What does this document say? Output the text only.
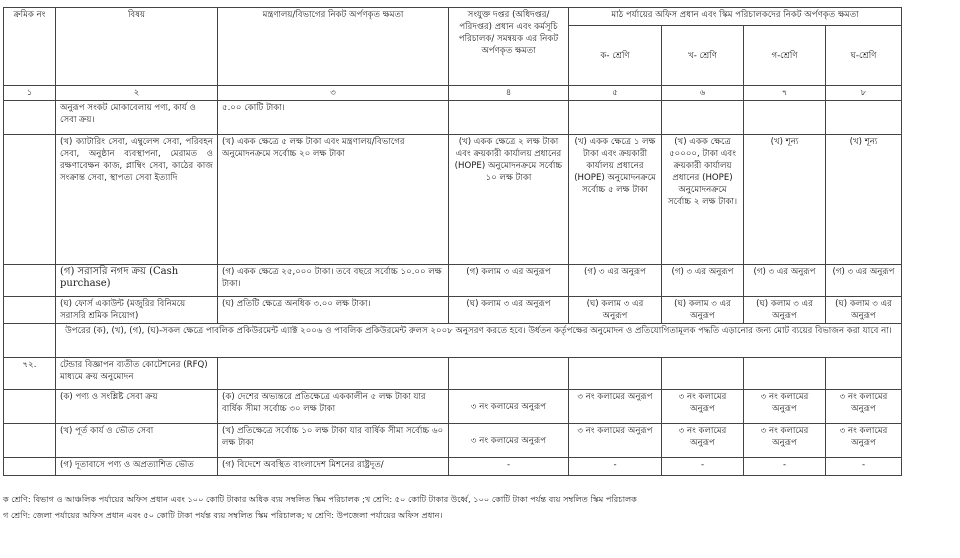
ক্রমিক নং	বিষয়	মন্ত্রণালয়/বিভাগের নিকট অর্পণকৃত ক্ষমতা	সংযুক্ত দপ্তর (অধিদপ্তর/পরিদপ্তর) প্রধান এবং কর্মসূচি পরিচালক/ সমন্বয়ক এর নিকট অর্পণকৃত ক্ষমতা	মাঠ পর্যায়ের অফিস প্রধান এবং স্কিম পরিচালকদের নিকট অর্পণকৃত ক্ষমতা			
				ক- শ্রেণি	খ- শ্রেণি	গ-শ্রেণি	ঘ-শ্রেণি
১	২	৩	৪	৫	৬	৭	৮
	অনুরূপ সংকট মোকাবেলায় পণ্য, কার্য ও সেবা ক্রয়।	৫.০০ কোটি টাকা।					
	(খ) ক্যাটারিং সেবা, এম্বুলেন্স সেবা, পরিবহন সেবা, অনুষ্ঠান ব্যবস্থাপনা, মেরামত ও রক্ষণাবেক্ষন কাজ, প্লাম্বিং সেবা, কাঠের কাজ সংক্রান্ত সেবা, স্থাপত্য সেবা ইত্যাদি	(খ) একক ক্ষেত্রে ৫ লক্ষ টাকা এবং মন্ত্রণালয়/বিভাগের অনুমোদনক্রমে সর্বোচ্চ ২০ লক্ষ টাকা	(খ) একক ক্ষেত্রে ২ লক্ষ টাকা এবং ক্রয়কারী কার্যালয় প্রধানের (HOPE) অনুমোদনক্রমে সর্বোচ্চ ১০ লক্ষ টাকা	(খ) একক ক্ষেত্রে ১ লক্ষ টাকা এবং ক্রয়কারী কার্যালয় প্রধানের (HOPE) অনুমোদনক্রমে সর্বোচ্চ ৫ লক্ষ টাকা	(খ) একক ক্ষেত্রে ৫০০০০, টাকা এবং ক্রয়কারী কার্যালয় প্রধানের (HOPE) অনুমোদনক্রমে সর্বোচ্চ ২ লক্ষ টাকা।	(খ) শূন্য	(খ) শূন্য
	(গ) সরাসরি নগদ ক্রয় (Cash purchase)	(গ) একক ক্ষেত্রে ২৫,০০০ টাকা। তবে বছরে সর্বোচ্চ ১০.০০ লক্ষ টাকা।	(গ) কলাম ৩ এর অনুরূপ	(গ) ৩ এর অনুরূপ	(গ) ৩ এর অনুরূপ	(গ) ৩ এর অনুরূপ	(গ) ৩ এর অনুরূপ
	(ঘ) ফোর্স একাউন্ট (মজুরির বিনিময়ে সরাসরি শ্রমিক নিয়োগ)	(ঘ) প্রতিটি ক্ষেত্রে অনধিক ৩.০০ লক্ষ টাকা।	(ঘ) কলাম ৩ এর অনুরূপ	(ঘ) কলাম ৩ এর অনুরূপ	(ঘ) কলাম ৩ এর অনুরূপ	(ঘ) কলাম ৩ এর অনুরূপ	(ঘ) কলাম ৩ এর অনুরূপ
	উপরের (ক), (খ), (গ), (ঘ)-সকল ক্ষেত্রে পাবলিক প্রকিউরমেন্ট এ্যাক্ট ২০০৬ ও পাবলিক প্রকিউরমেন্ট রুলস ২০০৮ অনুসরণ করতে হবে। উর্ধতন কর্তৃপক্ষের অনুমোদন ও প্রতিযোগিতামূলক পদ্ধতি এড়ানোর জন্য মোট ব্যয়ের বিভাজন করা যাবে না।						
৭২.	টেন্ডার বিজ্ঞাপন ব্যতীত কোটেশনের (RFQ) মাধ্যমে ক্রয় অনুমোদন						
	(ক) পণ্য ও সংশ্লিষ্ট সেবা ক্রয়	(ক) দেশের অভ্যন্তরে প্রতিক্ষেত্রে এককালীন ৫ লক্ষ টাকা যার বার্ষিক সীমা সর্বোচ্চ ৩০ লক্ষ টাকা	৩ নং কলামের অনুরূপ	৩ নং কলামের অনুরূপ	৩ নং কলামের অনুরূপ	৩ নং কলামের অনুরূপ	৩ নং কলামের অনুরূপ
	(খ) পূর্ত কার্য ও ভৌত সেবা	(খ) প্রতিক্ষেত্রে সর্বোচ্চ ১০ লক্ষ টাকা যার বার্ষিক সীমা সর্বোচ্চ ৬০ লক্ষ টাকা	৩ নং কলামের অনুরূপ	৩ নং কলামের অনুরূপ	৩ নং কলামের অনুরূপ	৩ নং কলামের অনুরূপ	৩ নং কলামের অনুরূপ
	(গ) দূতাবাসে পণ্য ও অপ্রত্যাশিত ভৌত	(গ) বিদেশে অবস্থিত বাংলাদেশ মিশনের রাষ্ট্রদূত/	-	-	-	-	-
ক শ্রেণি: বিভাগ ও আঞ্চলিক পর্যায়ের অফিস প্রধান এবং ১০০ কোটি টাকার অধিক ব্যয় সম্বলিত স্কিম পরিচালক ;খ শ্রেণি: ৫০ কোটি টাকার উর্ধ্বে, ১০০ কোটি টাকা পর্যন্ত ব্যয় সম্বলিত স্কিম পরিচালক
গ শ্রেণি: জেলা পর্যায়ের অফিস প্রধান এবং ৫০ কোটি টাকা পর্যন্ত ব্যয় সম্বলিত স্কিম পরিচালক; ঘ শ্রেণি: উপজেলা পর্যায়ের অফিস প্রধান।
